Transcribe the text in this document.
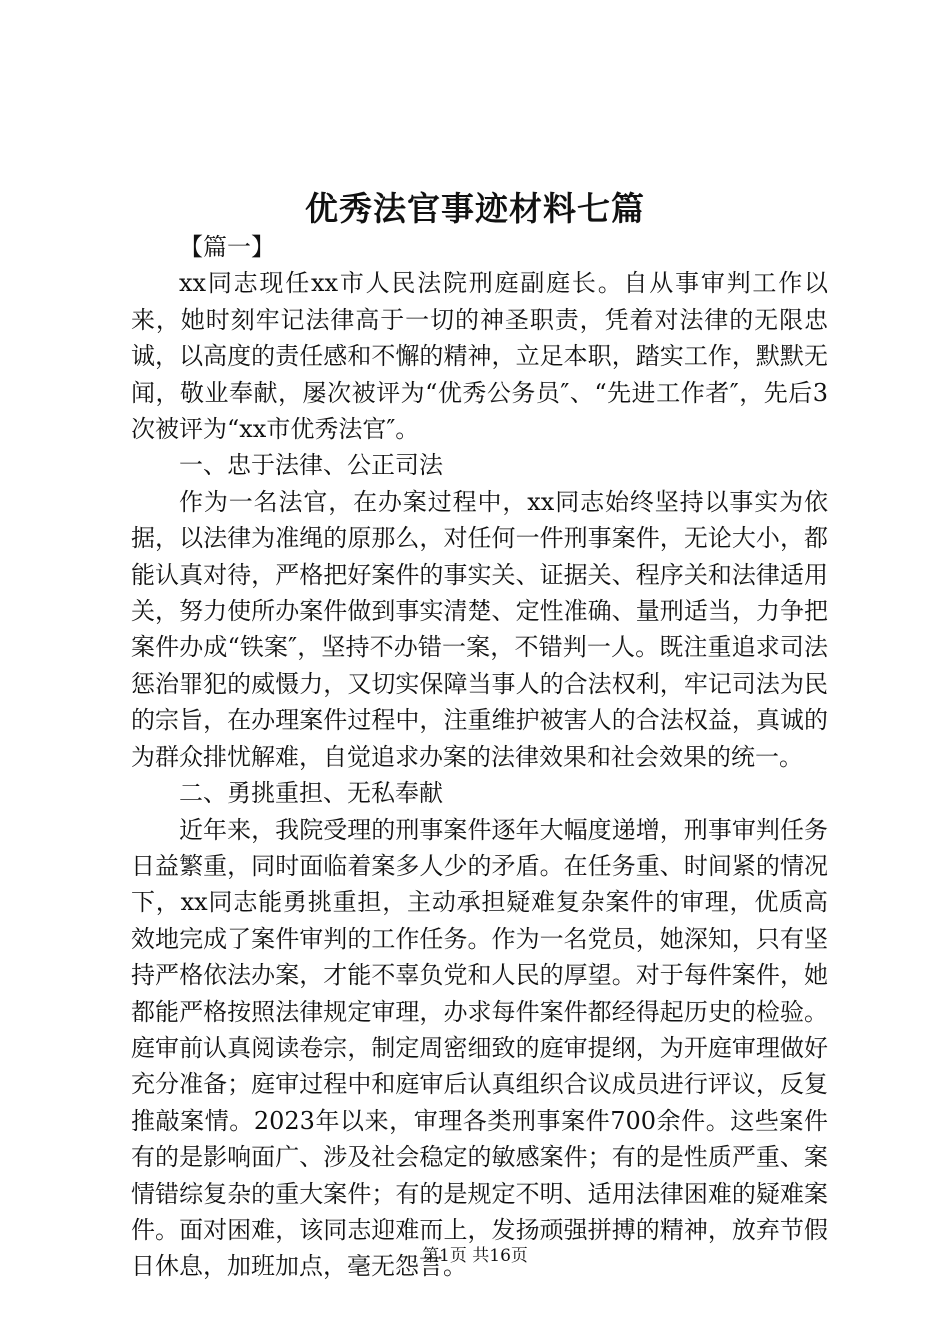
优秀法官事迹材料七篇

【篇一】

xx同志现任xx市人民法院刑庭副庭长。自从事审判工作以来，她时刻牢记法律高于一切的神圣职责，凭着对法律的无限忠诚，以高度的责任感和不懈的精神，立足本职，踏实工作，默默无闻，敬业奉献，屡次被评为“优秀公务员″、“先进工作者″，先后3次被评为“xx市优秀法官″。

一、忠于法律、公正司法

作为一名法官，在办案过程中，xx同志始终坚持以事实为依据，以法律为准绳的原那么，对任何一件刑事案件，无论大小，都能认真对待，严格把好案件的事实关、证据关、程序关和法律适用关，努力使所办案件做到事实清楚、定性准确、量刑适当，力争把案件办成“铁案″，坚持不办错一案，不错判一人。既注重追求司法惩治罪犯的威慑力，又切实保障当事人的合法权利，牢记司法为民的宗旨，在办理案件过程中，注重维护被害人的合法权益，真诚的为群众排忧解难，自觉追求办案的法律效果和社会效果的统一。

二、勇挑重担、无私奉献

近年来，我院受理的刑事案件逐年大幅度递增，刑事审判任务日益繁重，同时面临着案多人少的矛盾。在任务重、时间紧的情况下，xx同志能勇挑重担，主动承担疑难复杂案件的审理，优质高效地完成了案件审判的工作任务。作为一名党员，她深知，只有坚持严格依法办案，才能不辜负党和人民的厚望。对于每件案件，她都能严格按照法律规定审理，办求每件案件都经得起历史的检验。庭审前认真阅读卷宗，制定周密细致的庭审提纲，为开庭审理做好充分准备；庭审过程中和庭审后认真组织合议成员进行评议，反复推敲案情。2023年以来，审理各类刑事案件700余件。这些案件有的是影响面广、涉及社会稳定的敏感案件；有的是性质严重、案情错综复杂的重大案件；有的是规定不明、适用法律困难的疑难案件。面对困难，该同志迎难而上，发扬顽强拼搏的精神，放弃节假日休息，加班加点，毫无怨言。

第1页 共16页
